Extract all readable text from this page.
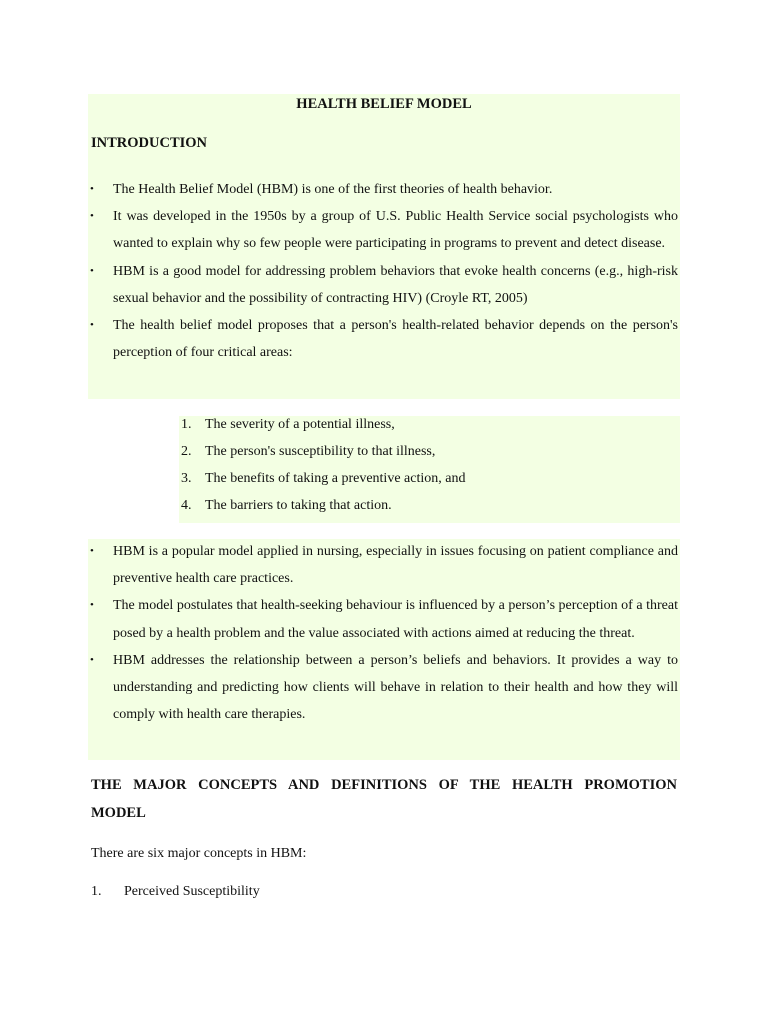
HEALTH BELIEF MODEL
INTRODUCTION
• The Health Belief Model (HBM) is one of the first theories of health behavior.
• It was developed in the 1950s by a group of U.S. Public Health Service social psychologists who wanted to explain why so few people were participating in programs to prevent and detect disease.
• HBM is a good model for addressing problem behaviors that evoke health concerns (e.g., high-risk sexual behavior and the possibility of contracting HIV) (Croyle RT, 2005)
• The health belief model proposes that a person's health-related behavior depends on the person's perception of four critical areas:
1. The severity of a potential illness,
2. The person's susceptibility to that illness,
3. The benefits of taking a preventive action, and
4. The barriers to taking that action.
• HBM is a popular model applied in nursing, especially in issues focusing on patient compliance and preventive health care practices.
• The model postulates that health-seeking behaviour is influenced by a person’s perception of a threat posed by a health problem and the value associated with actions aimed at reducing the threat.
• HBM addresses the relationship between a person’s beliefs and behaviors. It provides a way to understanding and predicting how clients will behave in relation to their health and how they will comply with health care therapies.
THE MAJOR CONCEPTS AND DEFINITIONS OF THE HEALTH PROMOTION MODEL
There are six major concepts in HBM:
1. Perceived Susceptibility
